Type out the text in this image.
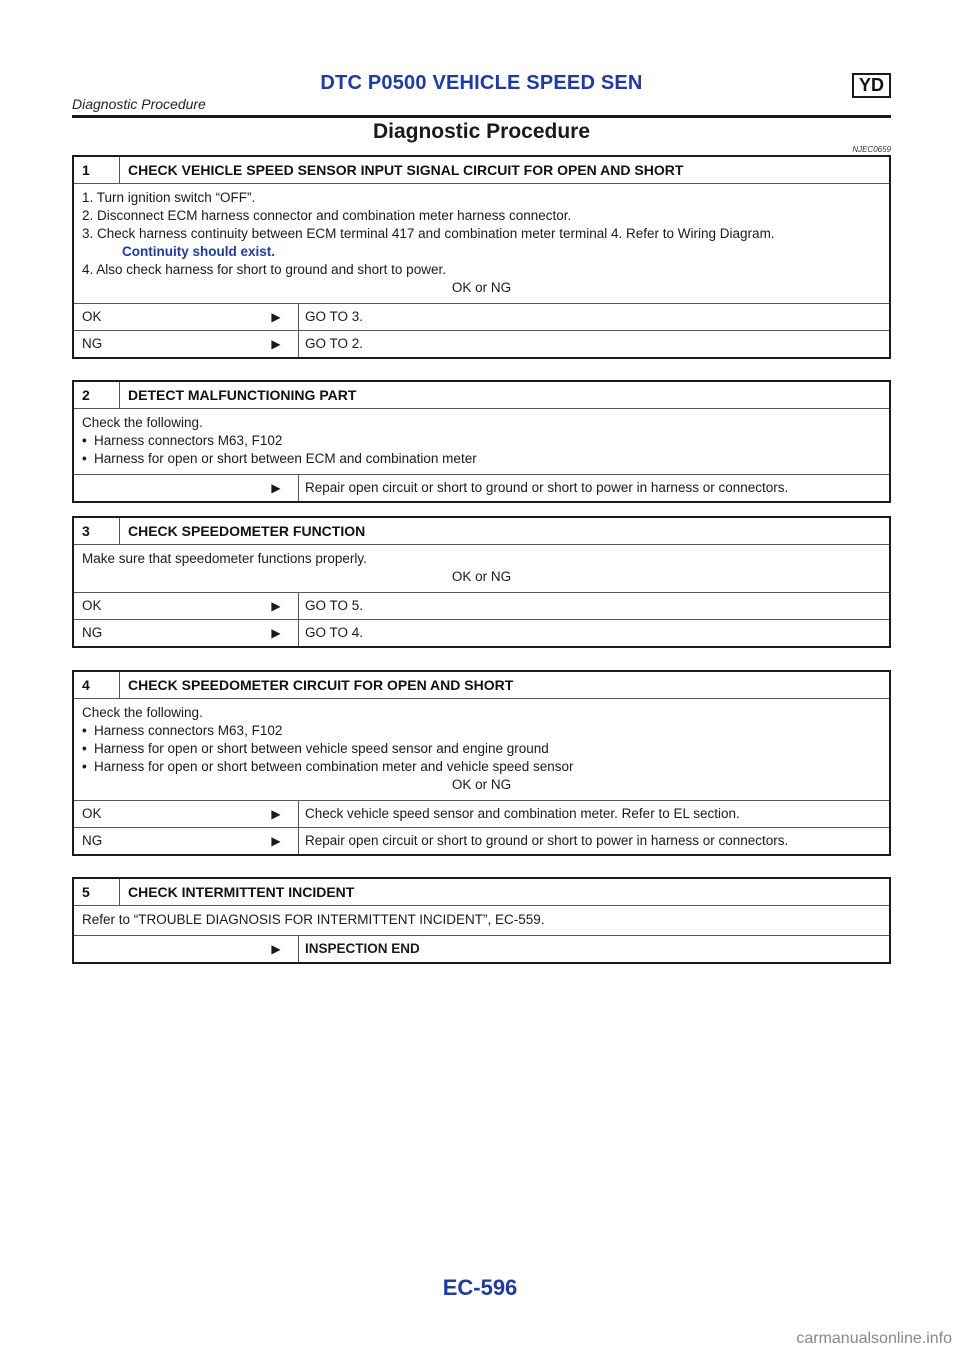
DTC P0500 VEHICLE SPEED SEN	YD
Diagnostic Procedure
Diagnostic Procedure
NJEC0659
1	CHECK VEHICLE SPEED SENSOR INPUT SIGNAL CIRCUIT FOR OPEN AND SHORT

1. Turn ignition switch “OFF”.

2. Disconnect ECM harness connector and combination meter harness connector.

3. Check harness continuity between ECM terminal 417 and combination meter terminal 4. Refer to Wiring Diagram.

Continuity should exist.

4. Also check harness for short to ground and short to power.

OK or NG

OK	▶	GO TO 3.
NG	▶	GO TO 2.
2	DETECT MALFUNCTIONING PART

Check the following.

• Harness connectors M63, F102

• Harness for open or short between ECM and combination meter

▶	Repair open circuit or short to ground or short to power in harness or connectors.
3	CHECK SPEEDOMETER FUNCTION

Make sure that speedometer functions properly.

OK or NG

OK	▶	GO TO 5.
NG	▶	GO TO 4.
4	CHECK SPEEDOMETER CIRCUIT FOR OPEN AND SHORT

Check the following.

• Harness connectors M63, F102

• Harness for open or short between vehicle speed sensor and engine ground

• Harness for open or short between combination meter and vehicle speed sensor

OK or NG

OK	▶	Check vehicle speed sensor and combination meter. Refer to EL section.
NG	▶	Repair open circuit or short to ground or short to power in harness or connectors.
5	CHECK INTERMITTENT INCIDENT

Refer to “TROUBLE DIAGNOSIS FOR INTERMITTENT INCIDENT”, EC-559.

▶	INSPECTION END
EC-596
carmanualsonline.info
